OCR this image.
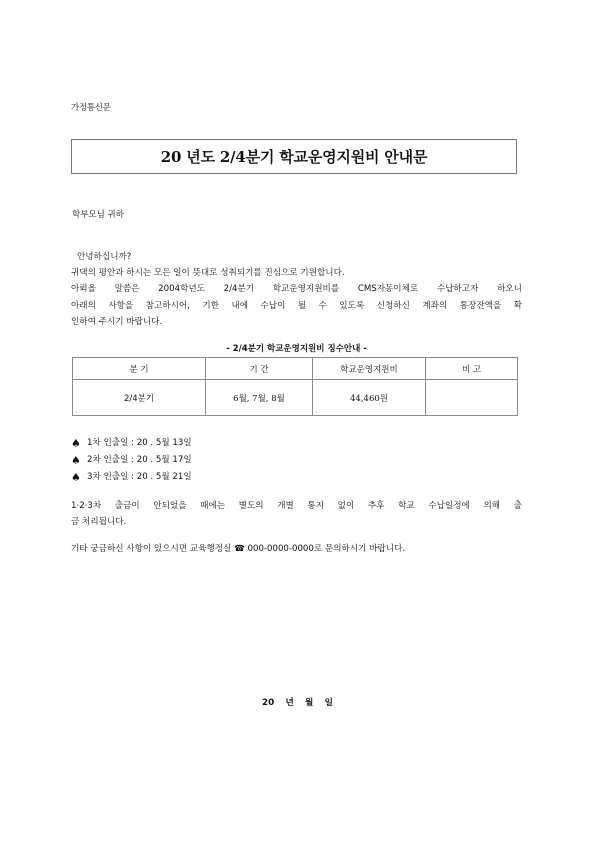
가정통신문
20 년도 2/4분기 학교운영지원비 안내문
학부모님 귀하

안녕하십니까?

귀댁의 평안과 하시는 모든 일이 뜻대로 성취되기를 진심으로 기원합니다.

아뢰올 말씀은 2004학년도 2/4분기 학교운영지원비를 CMS자동이체로 수납하고자 하오니

아래의 사항을 참고하시어, 기한 내에 수납이 될 수 있도록 신청하신 계좌의 통장잔액을 확

인하여 주시기 바랍니다.

- 2/4분기 학교운영지원비 징수안내 -
분 기	기 간	학교운영지원비	비 고
2/4분기	6월, 7월, 8월	44,460원	
♠ 1차 인출일 : 20 . 5월 13일
♠ 2차 인출일 : 20 . 5월 17일
♠ 3차 인출일 : 20 . 5월 21일
1·2·3차 출금이 안되었을 때에는 별도의 개별 통지 없이 추후 학교 수납일정에 의해 출
금 처리됩니다.
기타 궁금하신 사항이 있으시면 교육행정실 ☎ 000-0000-0000로 문의하시기 바랍니다.
20 년 월 일
